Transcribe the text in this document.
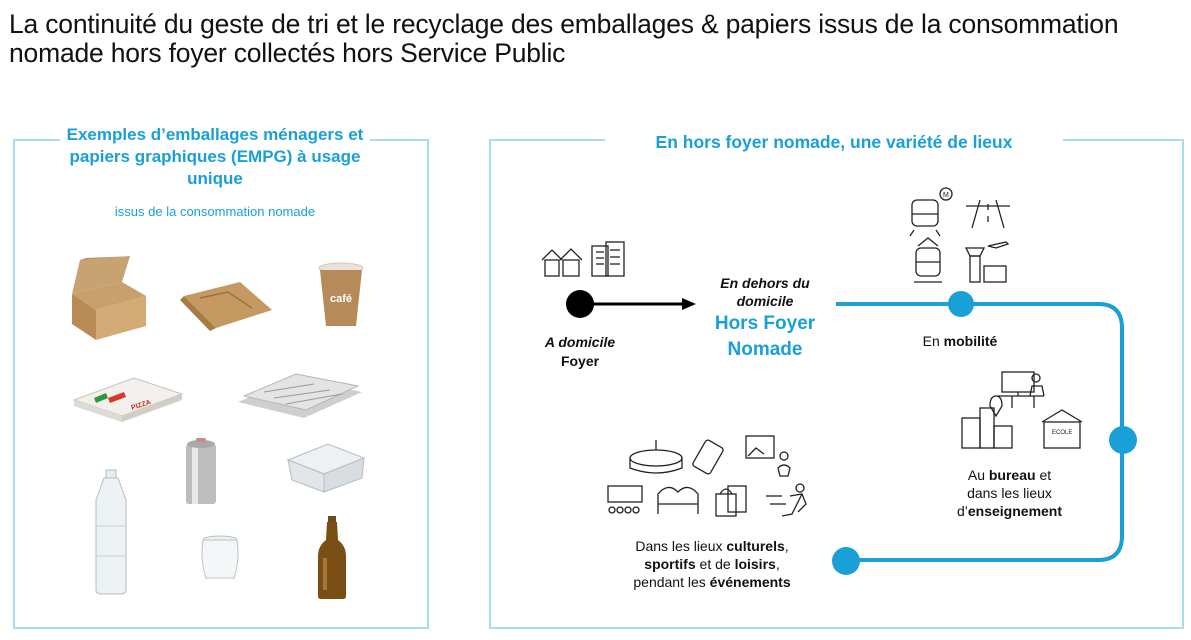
La continuité du geste de tri et le recyclage des emballages & papiers issus de la consommation nomade hors foyer collectés hors Service Public
Exemples d’emballages ménagers et papiers graphiques (EMPG) à usage unique
issus de la consommation nomade
café
PIZZA
En hors foyer nomade, une variété de lieux
A domicile
Foyer
En dehors du
domicile
Hors Foyer
Nomade
M
En mobilité
ECOLE
Au bureau et
dans les lieux
d’enseignement
Dans les lieux culturels,
sportifs et de loisirs,
pendant les événements
